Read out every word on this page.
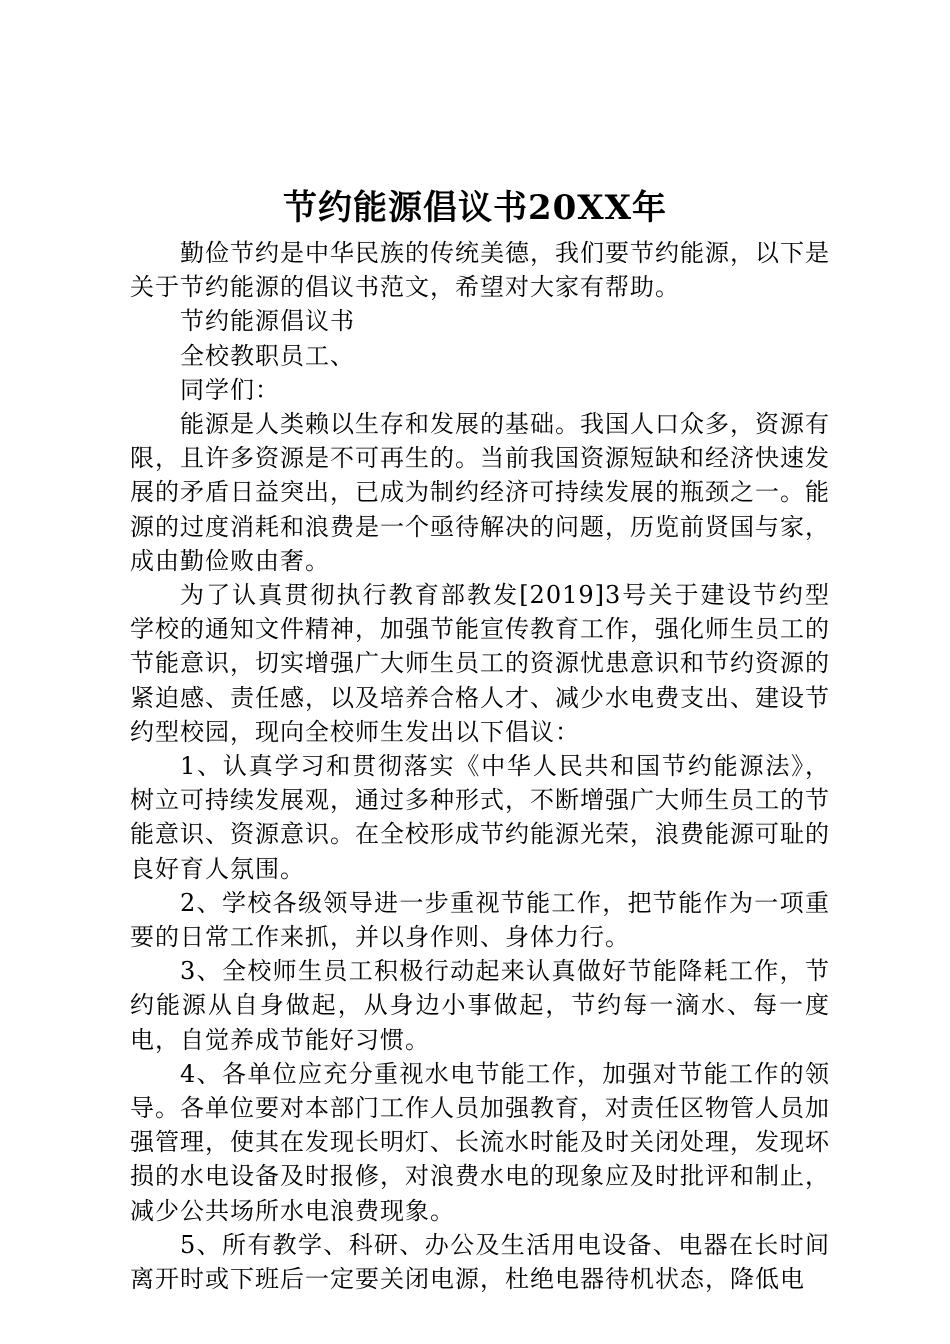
节约能源倡议书20XX年

勤俭节约是中华民族的传统美德，我们要节约能源，以下是关于节约能源的倡议书范文，希望对大家有帮助。

节约能源倡议书

全校教职员工、

同学们：

能源是人类赖以生存和发展的基础。我国人口众多，资源有限，且许多资源是不可再生的。当前我国资源短缺和经济快速发展的矛盾日益突出，已成为制约经济可持续发展的瓶颈之一。能源的过度消耗和浪费是一个亟待解决的问题，历览前贤国与家，成由勤俭败由奢。

为了认真贯彻执行教育部教发[2019]3号关于建设节约型学校的通知文件精神，加强节能宣传教育工作，强化师生员工的节能意识，切实增强广大师生员工的资源忧患意识和节约资源的紧迫感、责任感，以及培养合格人才、减少水电费支出、建设节约型校园，现向全校师生发出以下倡议：

1、认真学习和贯彻落实《中华人民共和国节约能源法》，树立可持续发展观，通过多种形式，不断增强广大师生员工的节能意识、资源意识。在全校形成节约能源光荣，浪费能源可耻的良好育人氛围。

2、学校各级领导进一步重视节能工作，把节能作为一项重要的日常工作来抓，并以身作则、身体力行。

3、全校师生员工积极行动起来认真做好节能降耗工作，节约能源从自身做起，从身边小事做起，节约每一滴水、每一度电，自觉养成节能好习惯。

4、各单位应充分重视水电节能工作，加强对节能工作的领导。各单位要对本部门工作人员加强教育，对责任区物管人员加强管理，使其在发现长明灯、长流水时能及时关闭处理，发现坏损的水电设备及时报修，对浪费水电的现象应及时批评和制止，减少公共场所水电浪费现象。

5、所有教学、科研、办公及生活用电设备、电器在长时间离开时或下班后一定要关闭电源，杜绝电器待机状态，降低电
